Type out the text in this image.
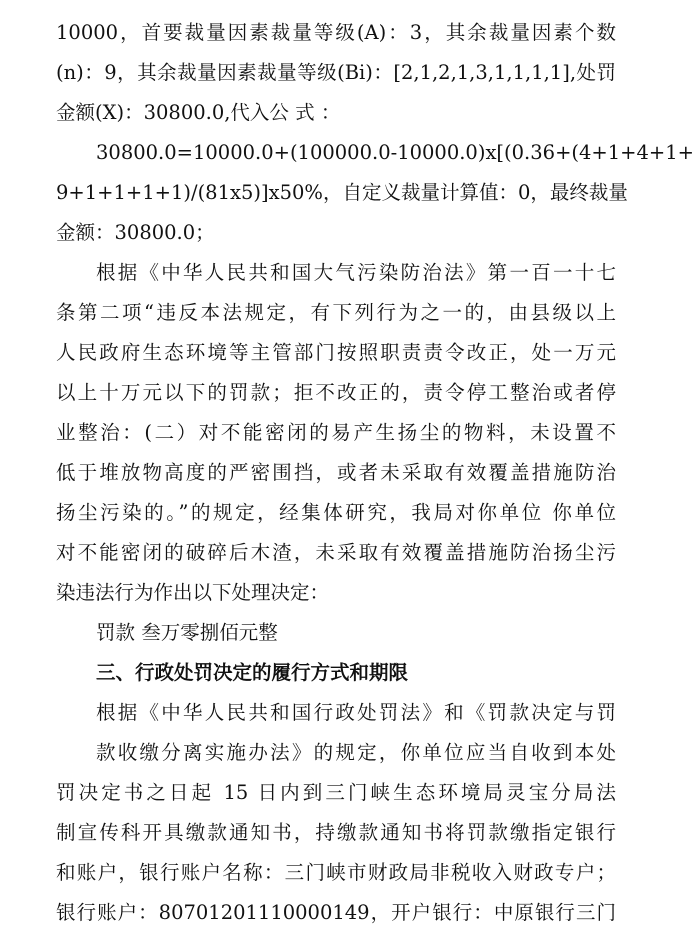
10000，首要裁量因素裁量等级(A)：3，其余裁量因素个数
(n)：9，其余裁量因素裁量等级(Bi)：[2,1,2,1,3,1,1,1,1],处罚
金额(X)：30800.0,代入公 式 ：
30800.0=10000.0+(100000.0-10000.0)x[(0.36+(4+1+4+1+
9+1+1+1+1)/(81x5)]x50%，自定义裁量计算值：0，最终裁量
金额：30800.0；
根据《中华人民共和国大气污染防治法》第一百一十七
条第二项“违反本法规定，有下列行为之一的，由县级以上
人民政府生态环境等主管部门按照职责责令改正，处一万元
以上十万元以下的罚款；拒不改正的，责令停工整治或者停
业整治：(二）对不能密闭的易产生扬尘的物料，未设置不
低于堆放物高度的严密围挡，或者未采取有效覆盖措施防治
扬尘污染的。”的规定，经集体研究，我局对你单位 你单位
对不能密闭的破碎后木渣，未采取有效覆盖措施防治扬尘污
染违法行为作出以下处理决定：
罚款 叁万零捌佰元整
三、行政处罚决定的履行方式和期限
根据《中华人民共和国行政处罚法》和《罚款决定与罚
款收缴分离实施办法》的规定，你单位应当自收到本处
罚决定书之日起 15 日内到三门峡生态环境局灵宝分局法
制宣传科开具缴款通知书，持缴款通知书将罚款缴指定银行
和账户，银行账户名称：三门峡市财政局非税收入财政专户；
银行账户：80701201110000149，开户银行：中原银行三门
